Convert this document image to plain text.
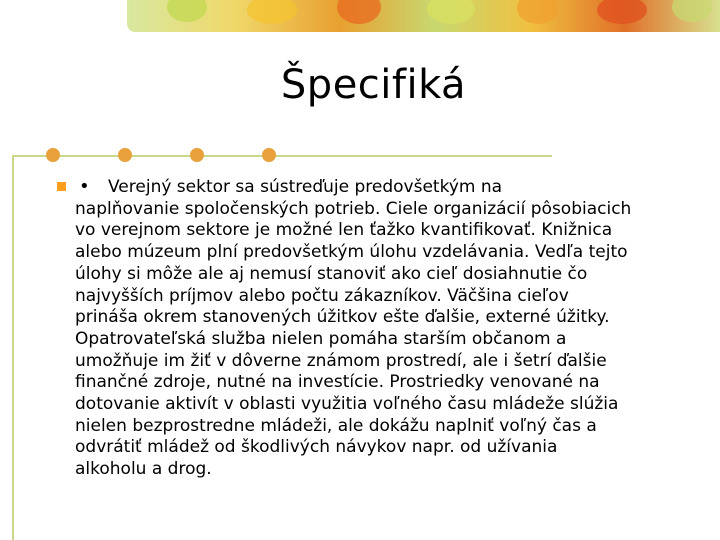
Špecifiká
• Verejný sektor sa sústreďuje predovšetkým na
naplňovanie spoločenských potrieb. Ciele organizácií pôsobiacich
vo verejnom sektore je možné len ťažko kvantifikovať. Knižnica
alebo múzeum plní predovšetkým úlohu vzdelávania. Vedľa tejto
úlohy si môže ale aj nemusí stanoviť ako cieľ dosiahnutie čo
najvyšších príjmov alebo počtu zákazníkov. Väčšina cieľov
prináša okrem stanovených úžitkov ešte ďalšie, externé úžitky.
Opatrovateľská služba nielen pomáha starším občanom a
umožňuje im žiť v dôverne známom prostredí, ale i šetrí ďalšie
finančné zdroje, nutné na investície. Prostriedky venované na
dotovanie aktivít v oblasti využitia voľného času mládeže slúžia
nielen bezprostredne mládeži, ale dokážu naplniť voľný čas a
odvrátiť mládež od škodlivých návykov napr. od užívania
alkoholu a drog.
